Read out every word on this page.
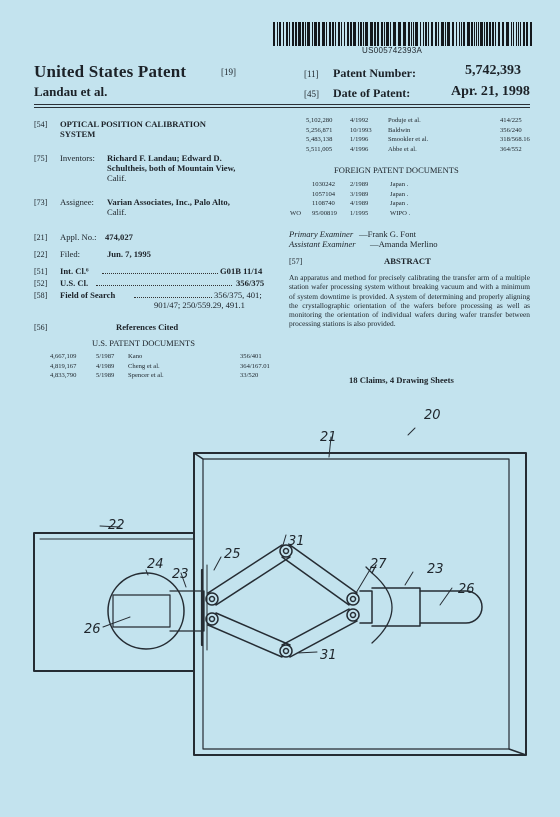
US005742393A
United States Patent	[19]
Landau et al.
[11] Patent Number:	5,742,393
[45] Date of Patent:	Apr. 21, 1998
[54] OPTICAL POSITION CALIBRATION
SYSTEM
[75] Inventors: Richard F. Landau; Edward D.
Schultheis, both of Mountain View,
Calif.
[73] Assignee: Varian Associates, Inc., Palo Alto,
Calif.
[21] Appl. No.: 474,027
[22] Filed:	Jun. 7, 1995
[51] Int. Cl.⁶	G01B 11/14
[52] U.S. Cl.	356/375
[58] Field of Search	356/375, 401;
901/47; 250/559.29, 491.1
[56]	References Cited
U.S. PATENT DOCUMENTS
4,667,109	5/1987 Kano	356/401
4,819,167	4/1989 Cheng et al.	364/167.01
4,833,790	5/1989 Spencer et al.	33/520
5,102,280	4/1992	Poduje et al.	414/225
5,256,871	10/1993 Baldwin	356/240
5,483,138	1/1996	Smookler et al.	318/568.16
5,511,005	4/1996	Abbe et al.	364/552
FOREIGN PATENT DOCUMENTS
1030242 2/1989	Japan .
1057104 3/1989	Japan .
1108740 4/1989	Japan .
WO 95/00819 1/1995	WIPO .
Primary Examiner —Frank G. Font
Assistant Examiner —Amanda Merlino
[57]	ABSTRACT
An apparatus and method for precisely calibrating the transfer arm of a multiple station wafer processing system without breaking vacuum and with a minimum of system downtime is provided. A system of determining and properly aligning the crystallographic orientation of the wafers before processing as well as monitoring the orientation of individual wafers during wafer transfer between processing stations is also provided.
18 Claims, 4 Drawing Sheets
20
21
22
24
23
25
31
27	23
26
26
31
